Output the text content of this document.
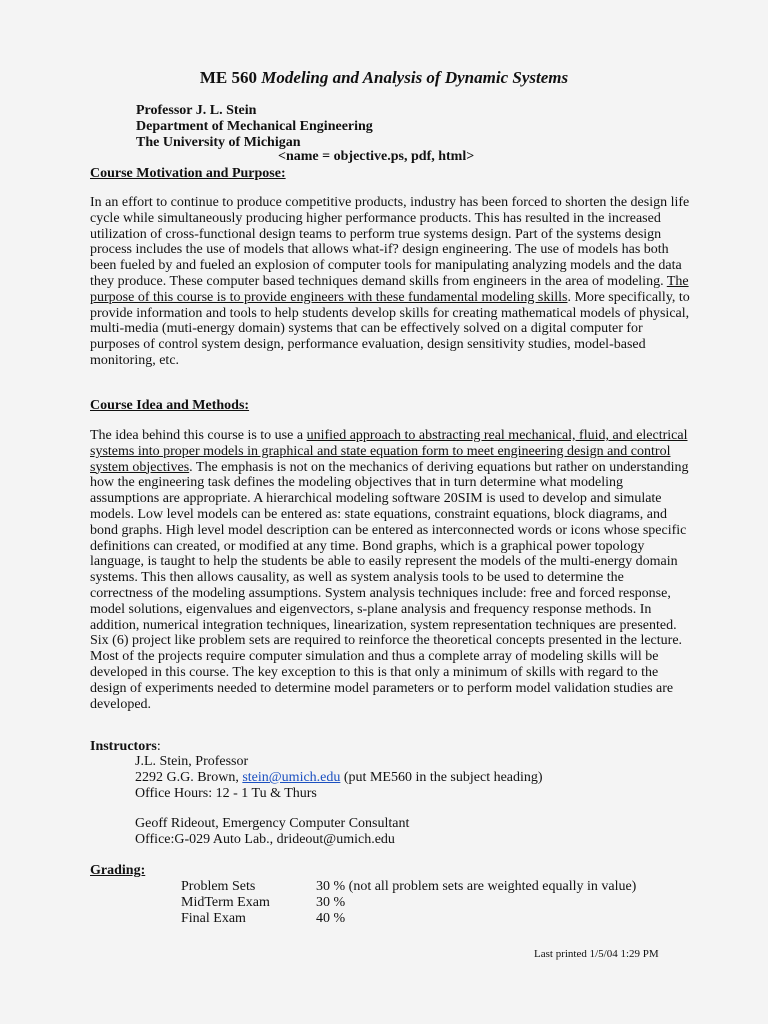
ME 560 Modeling and Analysis of Dynamic Systems
Professor J. L. Stein
Department of Mechanical Engineering
The University of Michigan
<name = objective.ps, pdf, html>
Course Motivation and Purpose:
In an effort to continue to produce competitive products, industry has been forced to shorten the design life cycle while simultaneously producing higher performance products. This has resulted in the increased utilization of cross-functional design teams to perform true systems design. Part of the systems design process includes the use of models that allows what-if? design engineering. The use of models has both been fueled by and fueled an explosion of computer tools for manipulating analyzing models and the data they produce. These computer based techniques demand skills from engineers in the area of modeling. The purpose of this course is to provide engineers with these fundamental modeling skills. More specifically, to provide information and tools to help students develop skills for creating mathematical models of physical, multi-media (muti-energy domain) systems that can be effectively solved on a digital computer for purposes of control system design, performance evaluation, design sensitivity studies, model-based monitoring, etc.
Course Idea and Methods:
The idea behind this course is to use a unified approach to abstracting real mechanical, fluid, and electrical systems into proper models in graphical and state equation form to meet engineering design and control system objectives. The emphasis is not on the mechanics of deriving equations but rather on understanding how the engineering task defines the modeling objectives that in turn determine what modeling assumptions are appropriate. A hierarchical modeling software 20SIM is used to develop and simulate models. Low level models can be entered as: state equations, constraint equations, block diagrams, and bond graphs. High level model description can be entered as interconnected words or icons whose specific definitions can created, or modified at any time. Bond graphs, which is a graphical power topology language, is taught to help the students be able to easily represent the models of the multi-energy domain systems. This then allows causality, as well as system analysis tools to be used to determine the correctness of the modeling assumptions. System analysis techniques include: free and forced response, model solutions, eigenvalues and eigenvectors, s-plane analysis and frequency response methods. In addition, numerical integration techniques, linearization, system representation techniques are presented. Six (6) project like problem sets are required to reinforce the theoretical concepts presented in the lecture. Most of the projects require computer simulation and thus a complete array of modeling skills will be developed in this course. The key exception to this is that only a minimum of skills with regard to the design of experiments needed to determine model parameters or to perform model validation studies are developed.
Instructors:
J.L. Stein, Professor
2292 G.G. Brown, stein@umich.edu (put ME560 in the subject heading)
Office Hours: 12 - 1 Tu & Thurs
Geoff Rideout, Emergency Computer Consultant
Office:G-029 Auto Lab., drideout@umich.edu
Grading:
Problem Sets	30 % (not all problem sets are weighted equally in value)
MidTerm Exam	30 %
Final Exam	40 %
Last printed 1/5/04 1:29 PM
